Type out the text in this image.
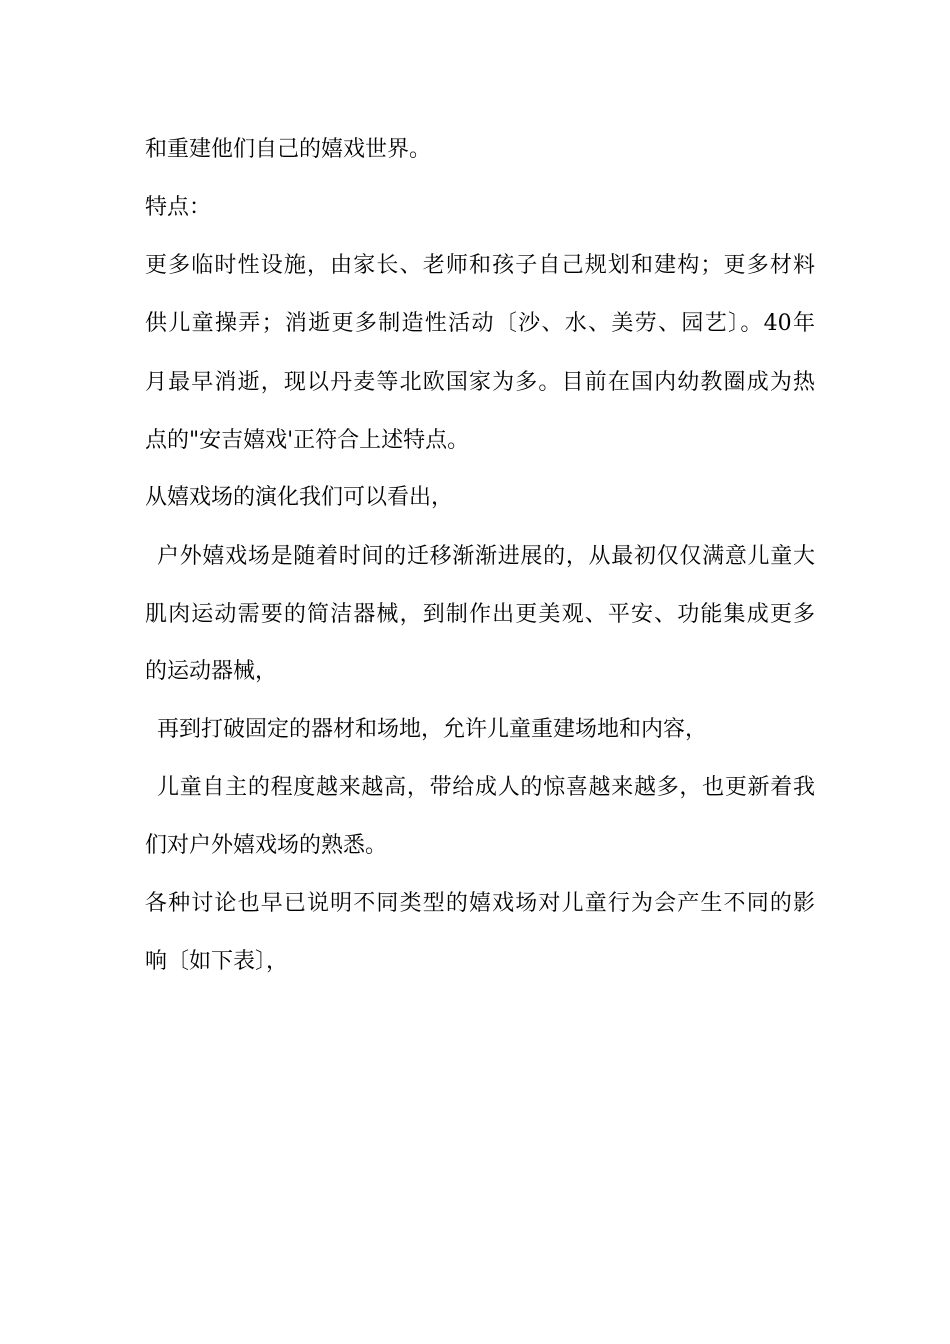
和重建他们自己的嬉戏世界。
特点：
更多临时性设施，由家长、老师和孩子自己规划和建构；更多材料
供儿童操弄；消逝更多制造性活动〔沙、水、美劳、园艺〕。40年
月最早消逝，现以丹麦等北欧国家为多。目前在国内幼教圈成为热
点的"安吉嬉戏'正符合上述特点。
从嬉戏场的演化我们可以看出，
户外嬉戏场是随着时间的迁移渐渐进展的，从最初仅仅满意儿童大
肌肉运动需要的简洁器械，到制作出更美观、平安、功能集成更多
的运动器械，
再到打破固定的器材和场地，允许儿童重建场地和内容，
儿童自主的程度越来越高，带给成人的惊喜越来越多，也更新着我
们对户外嬉戏场的熟悉。
各种讨论也早已说明不同类型的嬉戏场对儿童行为会产生不同的影
响〔如下表〕，
